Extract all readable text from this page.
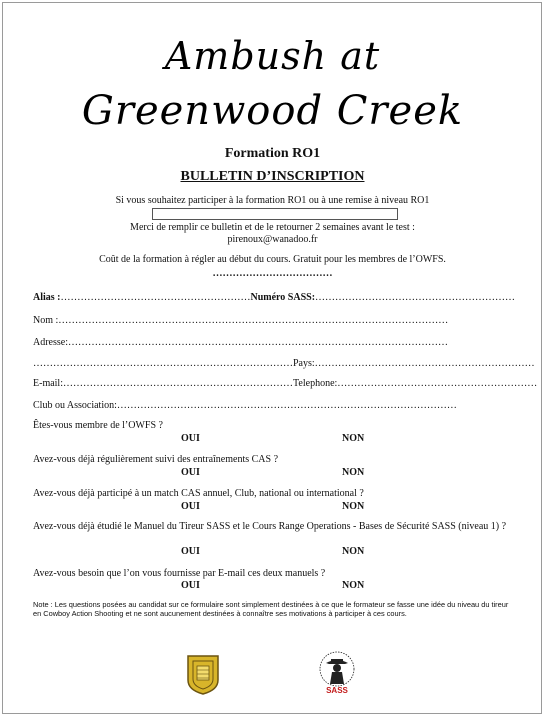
Ambush at
Greenwood Creek

Formation RO1

BULLETIN D’INSCRIPTION

Si vous souhaitez participer à la formation RO1 ou à une remise à niveau RO1

Merci de remplir ce bulletin et de le retourner 2 semaines avant le test :

pirenoux@wanadoo.fr

Coût de la formation à régler au début du cours. Gratuit pour les membres de l’OWFS.

………………………………

Alias :…………………………………………………Numéro SASS:……………………………………………………
Nom :………………………………………………………………………………………………………
Adresse:……………………………………………………………………………………………………
……………………………………………………………………Pays:…………………………………………………………
E-mail:……………………………………………………………Telephone:……………………………………………………
Club ou Association:…………………………………………………………………………………………

Êtes-vous membre de l’OWFS ?

OUI	NON

Avez-vous déjà régulièrement suivi des entraînements CAS ?

OUI	NON

Avez-vous déjà participé à un match CAS annuel, Club, national ou international ?

OUI	NON

Avez-vous déjà étudié le Manuel du Tireur SASS et le Cours Range Operations - Bases de Sécurité SASS (niveau 1) ?

OUI	NON

Avez-vous besoin que l’on vous fournisse par E-mail ces deux manuels ?

OUI	NON

Note : Les questions posées au candidat sur ce formulaire sont simplement destinées à ce que le formateur se fasse une idée du niveau du tireur en Cowboy Action Shooting et ne sont aucunement destinées à connaître ses motivations à participer à ces cours.

SASS
